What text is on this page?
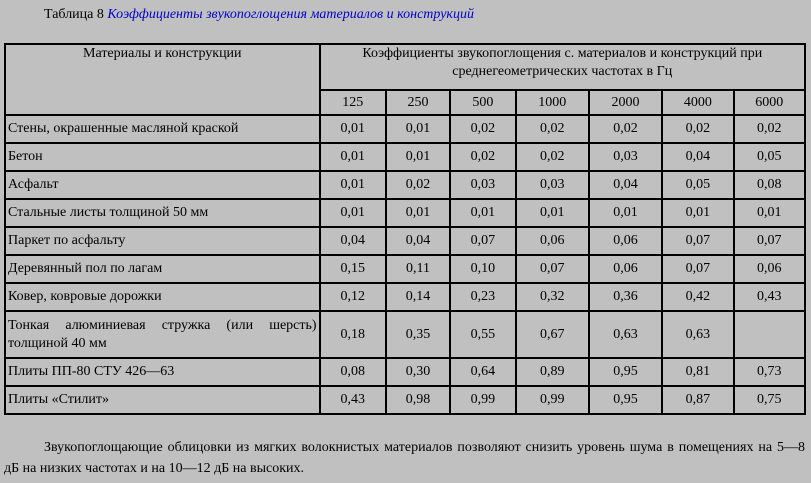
Таблица 8 Коэффициенты звукопоглощения материалов и конструкций
Материалы и конструкции	Коэффициенты звукопоглощения с. материалов и конструкций при среднегеометрических частотах в Гц						
	125	250	500	1000	2000	4000	6000
Стены, окрашенные масляной краской	0,01	0,01	0,02	0,02	0,02	0,02	0,02
Бетон	0,01	0,01	0,02	0,02	0,03	0,04	0,05
Асфальт	0,01	0,02	0,03	0,03	0,04	0,05	0,08
Стальные листы толщиной 50 мм	0,01	0,01	0,01	0,01	0,01	0,01	0,01
Паркет по асфальту	0,04	0,04	0,07	0,06	0,06	0,07	0,07
Деревянный пол по лагам	0,15	0,11	0,10	0,07	0,06	0,07	0,06
Ковер, ковровые дорожки	0,12	0,14	0,23	0,32	0,36	0,42	0,43
Тонкая алюминиевая стружка (или шерсть) толщиной 40 мм	0,18	0,35	0,55	0,67	0,63	0,63	
Плиты ПП-80 СТУ 426—63	0,08	0,30	0,64	0,89	0,95	0,81	0,73
Плиты «Стилит»	0,43	0,98	0,99	0,99	0,95	0,87	0,75
Звукопоглощающие облицовки из мягких волокнистых материалов позволяют снизить уровень шума в помещениях на 5—8 дБ на низких частотах и на 10—12 дБ на высоких.
